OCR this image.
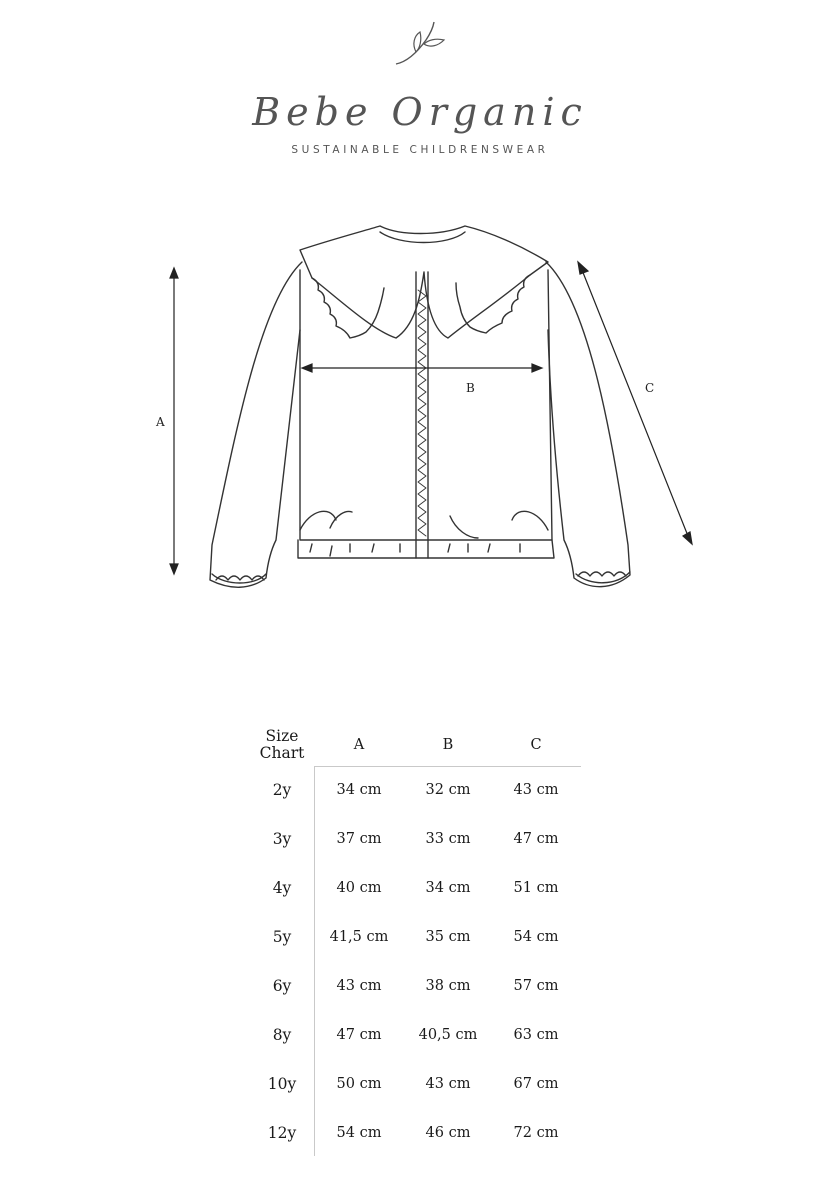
Bebe Organic
SUSTAINABLE CHILDRENSWEAR
A
B	C
Size
Chart	A	B	C
2y	34 cm	32 cm	43 cm
3y	37 cm	33 cm	47 cm
4y	40 cm	34 cm	51 cm
5y	41,5 cm	35 cm	54 cm
6y	43 cm	38 cm	57 cm
8y	47 cm	40,5 cm	63 cm
10y	50 cm	43 cm	67 cm
12y	54 cm	46 cm	72 cm
